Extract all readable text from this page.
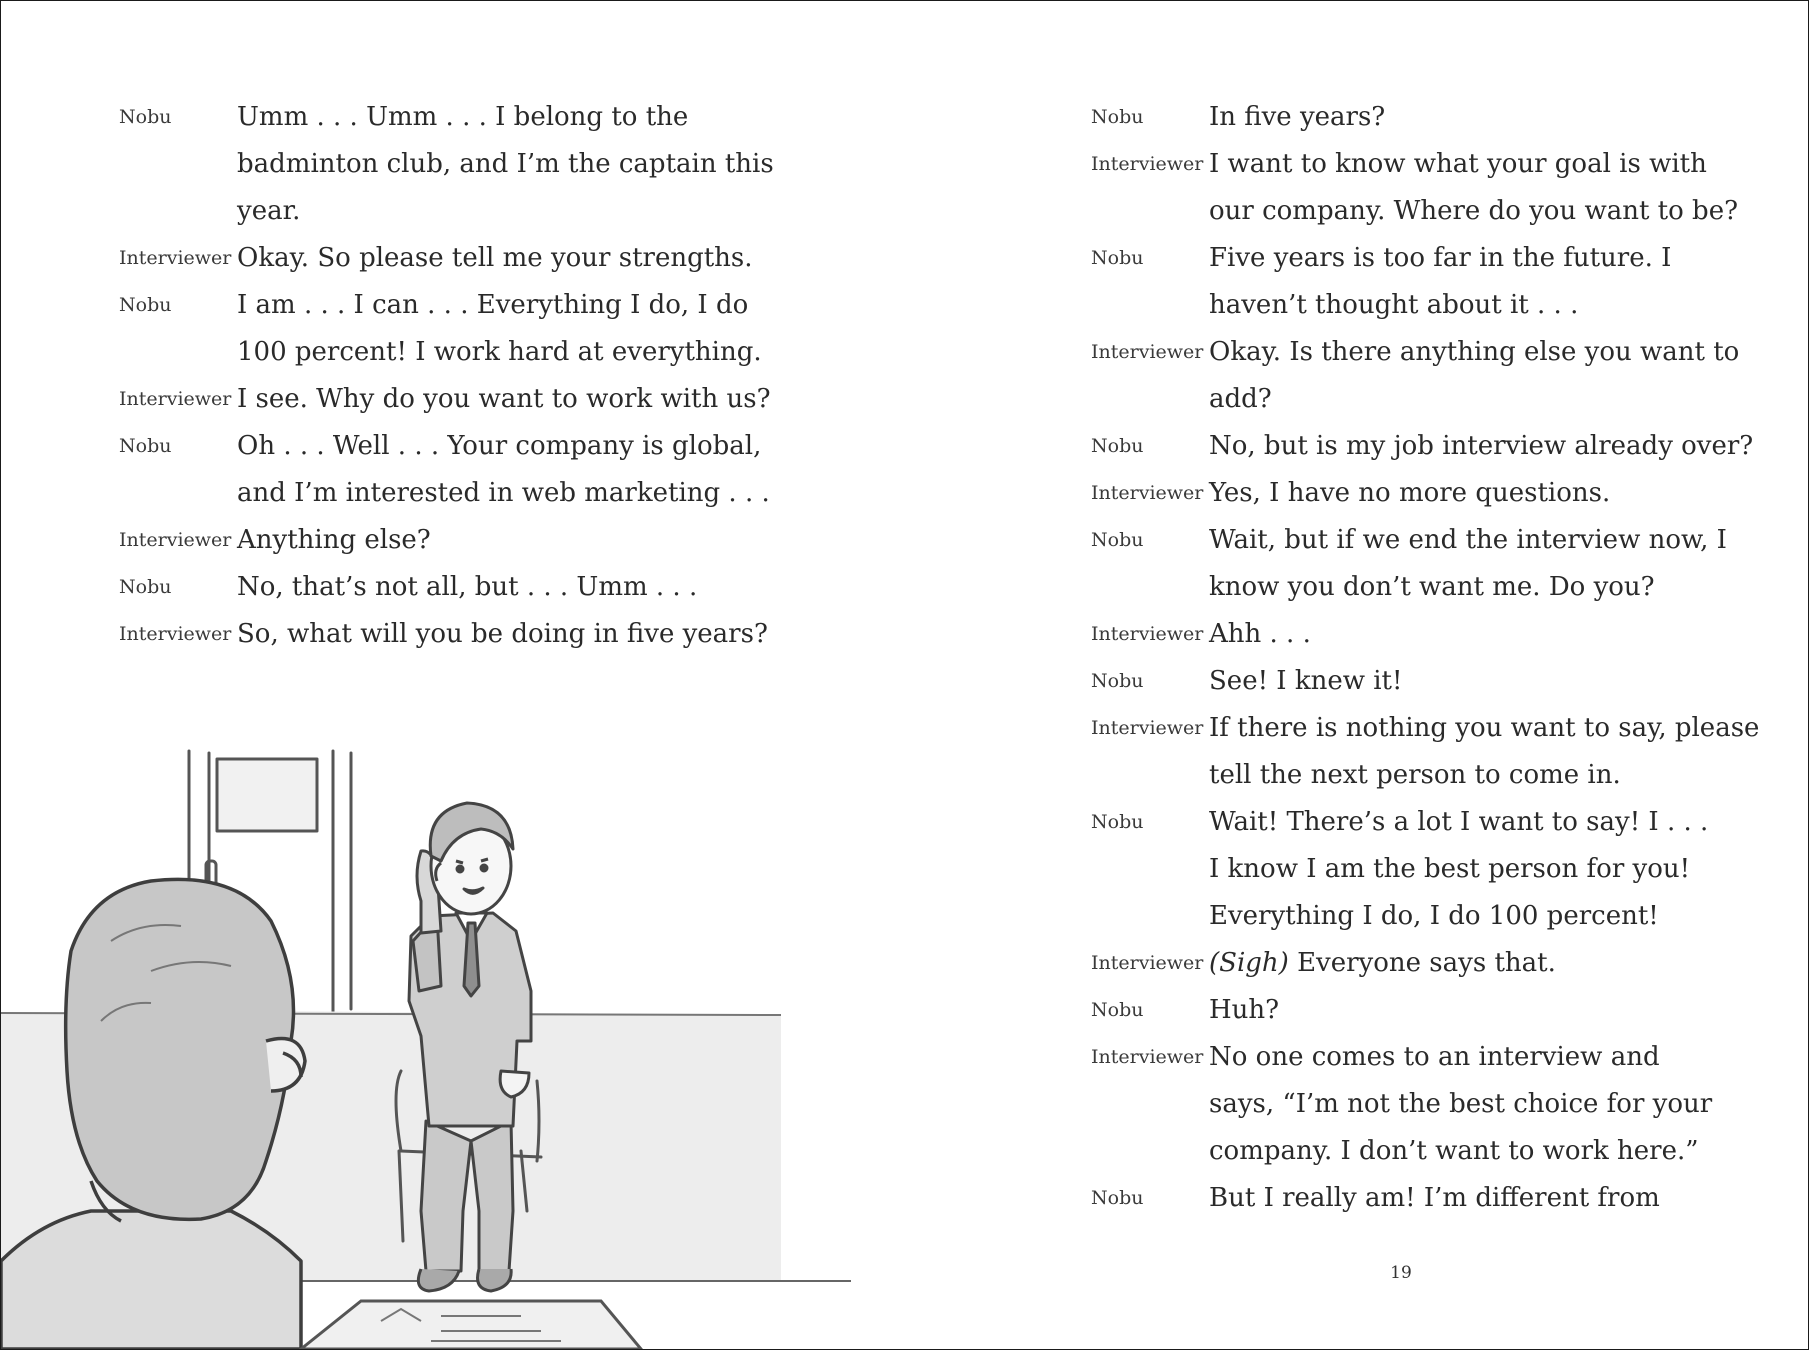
Nobu	Umm . . . Umm . . . I belong to the
badminton club, and I’m the captain this
year.
Interviewer Okay. So please tell me your strengths.
Nobu	I am . . . I can . . . Everything I do, I do
100 percent! I work hard at everything.
Interviewer I see. Why do you want to work with us?
Nobu	Oh . . . Well . . . Your company is global,
and I’m interested in web marketing . . .
Interviewer Anything else?
Nobu	No, that’s not all, but . . . Umm . . .
Interviewer So, what will you be doing in five years?
Nobu	In five years?
Interviewer I want to know what your goal is with
our company. Where do you want to be?
Nobu	Five years is too far in the future. I
haven’t thought about it . . .
Interviewer Okay. Is there anything else you want to
add?
Nobu	No, but is my job interview already over?
Interviewer Yes, I have no more questions.
Nobu	Wait, but if we end the interview now, I
know you don’t want me. Do you?
Interviewer Ahh . . .
Nobu	See! I knew it!
Interviewer If there is nothing you want to say, please
tell the next person to come in.
Nobu	Wait! There’s a lot I want to say! I . . .
I know I am the best person for you!
Everything I do, I do 100 percent!
Interviewer (Sigh) Everyone says that.
Nobu	Huh?
Interviewer No one comes to an interview and
says, “I’m not the best choice for your
company. I don’t want to work here.”
Nobu	But I really am! I’m different from
19
